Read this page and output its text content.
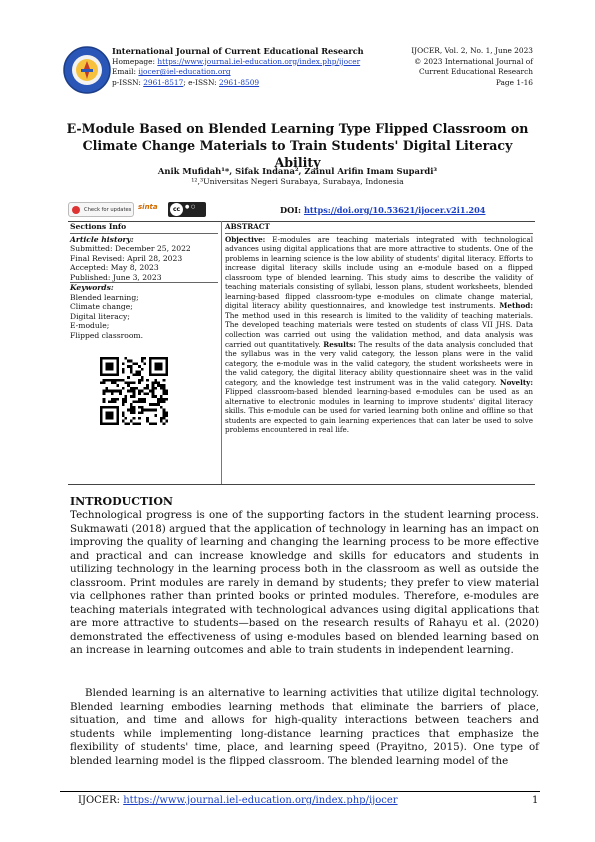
International Journal of Current Educational Research
Homepage: https://www.journal.iel-education.org/index.php/ijocer
Email: ijocer@iel-education.org
p-ISSN: 2961-8517; e-ISSN: 2961-8509
IJOCER, Vol. 2, No. 1, June 2023
© 2023 International Journal of Current Educational Research
Page 1-16
E-Module Based on Blended Learning Type Flipped Classroom on Climate Change Materials to Train Students' Digital Literacy Ability
Anik Mufidah¹*, Sifak Indana², Zainul Arifin Imam Supardi³
¹²,³Universitas Negeri Surabaya, Surabaya, Indonesia
Check for updates sinta	cc ● ○	DOI: https://doi.org/10.53621/ijocer.v2i1.204
Sections Info
Article history:
Submitted: December 25, 2022
Final Revised: April 28, 2023
Accepted: May 8, 2023
Published: June 3, 2023
Keywords:
Blended learning;
Climate change;
Digital literacy;
E-module;
Flipped classroom.
ABSTRACT
Objective: E-modules are teaching materials integrated with technological advances using digital applications that are more attractive to students. One of the problems in learning science is the low ability of students' digital literacy. Efforts to increase digital literacy skills include using an e-module based on a flipped classroom type of blended learning. This study aims to describe the validity of teaching materials consisting of syllabi, lesson plans, student worksheets, blended learning-based flipped classroom-type e-modules on climate change material, digital literacy ability questionnaires, and knowledge test instruments. Method: The method used in this research is limited to the validity of teaching materials. The developed teaching materials were tested on students of class VII JHS. Data collection was carried out using the validation method, and data analysis was carried out quantitatively. Results: The results of the data analysis concluded that the syllabus was in the very valid category, the lesson plans were in the valid category, the e-module was in the valid category, the student worksheets were in the valid category, the digital literacy ability questionnaire sheet was in the valid category, and the knowledge test instrument was in the valid category. Novelty: Flipped classroom-based blended learning-based e-modules can be used as an alternative to electronic modules in learning to improve students' digital literacy skills. This e-module can be used for varied learning both online and offline so that students are expected to gain learning experiences that can later be used to solve problems encountered in real life.
INTRODUCTION
Technological progress is one of the supporting factors in the student learning process. Sukmawati (2018) argued that the application of technology in learning has an impact on improving the quality of learning and changing the learning process to be more effective and practical and can increase knowledge and skills for educators and students in utilizing technology in the learning process both in the classroom as well as outside the classroom. Print modules are rarely in demand by students; they prefer to view material via cellphones rather than printed books or printed modules. Therefore, e-modules are teaching materials integrated with technological advances using digital applications that are more attractive to students—based on the research results of Rahayu et al. (2020) demonstrated the effectiveness of using e-modules based on blended learning based on an increase in learning outcomes and able to train students in independent learning.
Blended learning is an alternative to learning activities that utilize digital technology. Blended learning embodies learning methods that eliminate the barriers of place, situation, and time and allows for high-quality interactions between teachers and students while implementing long-distance learning practices that emphasize the flexibility of students' time, place, and learning speed (Prayitno, 2015). One type of blended learning model is the flipped classroom. The blended learning model of the
IJOCER: https://www.journal.iel-education.org/index.php/ijocer	1
